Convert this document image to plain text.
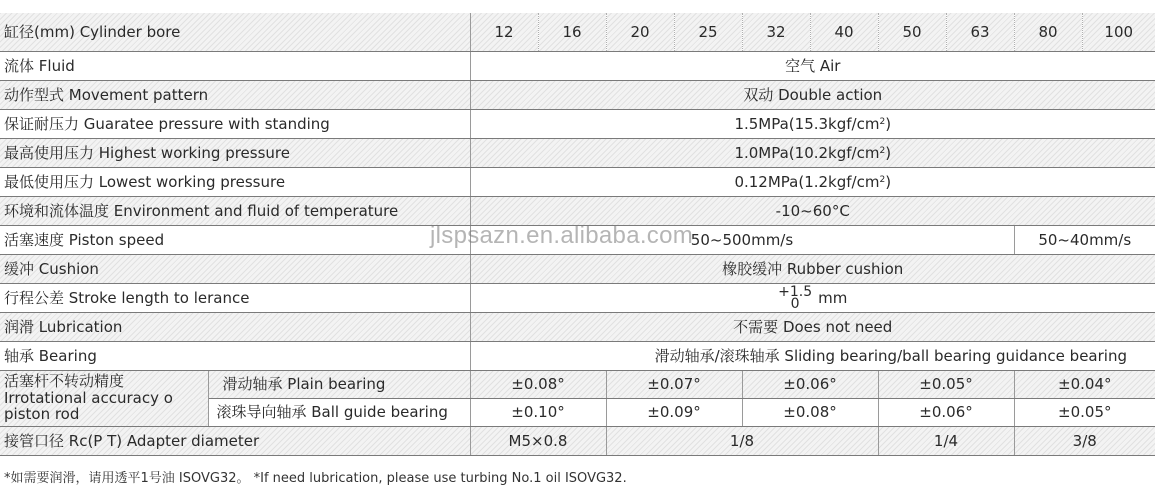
缸径(mm) Cylinder bore		12	16	20	25	32	40	50	63	80	100
流体 Fluid		空气 Air									
动作型式 Movement pattern		双动 Double action									
保证耐压力 Guaratee pressure with standing		$1.5MPa(15.3kgf/cm^2)$									
最高使用压力 Highest working pressure		$1.0MPa(10.2kgf/cm^2)$									
最低使用压力 Lowest working pressure		$0.12MPa(1.2kgf/cm^2)$									
环境和流体温度 Environment and fluid of temperature		-10~60°C									
活塞速度 Piston speed		50~500mm/s								50~40mm/s	
缓冲 Cushion		橡胶缓冲 Rubber cushion									
行程公差 Stroke length to lerance		+1.5
0 mm									
润滑 Lubrication		不需要 Does not need									
轴承 Bearing		滑动轴承/滚珠轴承 Sliding bearing/ball bearing guidance bearing									

活塞杆不转动精度
Irrotational accuracy o piston rod	滑动轴承 Plain bearing	±0.08°		±0.07°		±0.06°		±0.05°		±0.04°	
	滚珠导向轴承 Ball guide bearing	±0.10°		±0.09°		±0.08°		±0.06°		±0.05°	
接管口径 Rc(P T) Adapter diameter		M5×0.8		1/8				1/4		3/8	
jlspsazn.en.alibaba.com
*如需要润滑，请用透平1号油 ISOVG32。 *If need lubrication, please use turbing No.1 oil ISOVG32.
